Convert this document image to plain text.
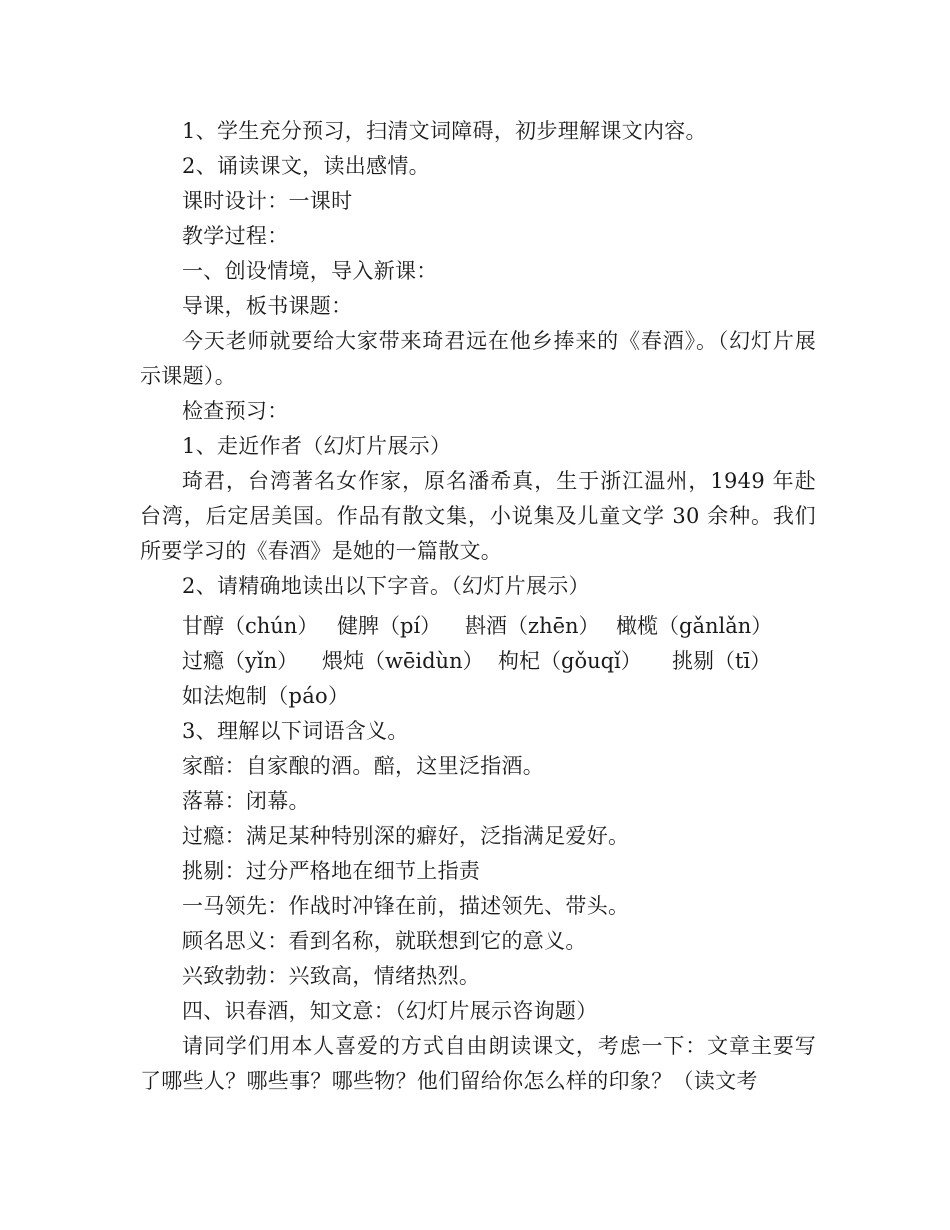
1、学生充分预习，扫清文词障碍，初步理解课文内容。
2、诵读课文，读出感情。
课时设计：一课时
教学过程：
一、创设情境，导入新课：
导课，板书课题：
今天老师就要给大家带来琦君远在他乡捧来的《春酒》。（幻灯片展示课题）。
检查预习：
1、走近作者（幻灯片展示）
琦君，台湾著名女作家，原名潘希真，生于浙江温州，1949 年赴台湾，后定居美国。作品有散文集，小说集及儿童文学 30 余种。我们所要学习的《春酒》是她的一篇散文。
2、请精确地读出以下字音。（幻灯片展示）
甘醇（chún） 健脾（pí） 斟酒（zhēn） 橄榄（gǎnlǎn）
过瘾（yǐn） 煨炖（wēidùn） 枸杞（gǒuqǐ） 挑剔（tī）
如法炮制（páo）
3、理解以下词语含义。
家醅：自家酿的酒。醅，这里泛指酒。
落幕：闭幕。
过瘾：满足某种特别深的癖好，泛指满足爱好。
挑剔：过分严格地在细节上指责
一马领先：作战时冲锋在前，描述领先、带头。
顾名思义：看到名称，就联想到它的意义。
兴致勃勃：兴致高，情绪热烈。
四、识春酒，知文意：（幻灯片展示咨询题）
请同学们用本人喜爱的方式自由朗读课文，考虑一下：文章主要写了哪些人？哪些事？哪些物？他们留给你怎么样的印象？（读文考
